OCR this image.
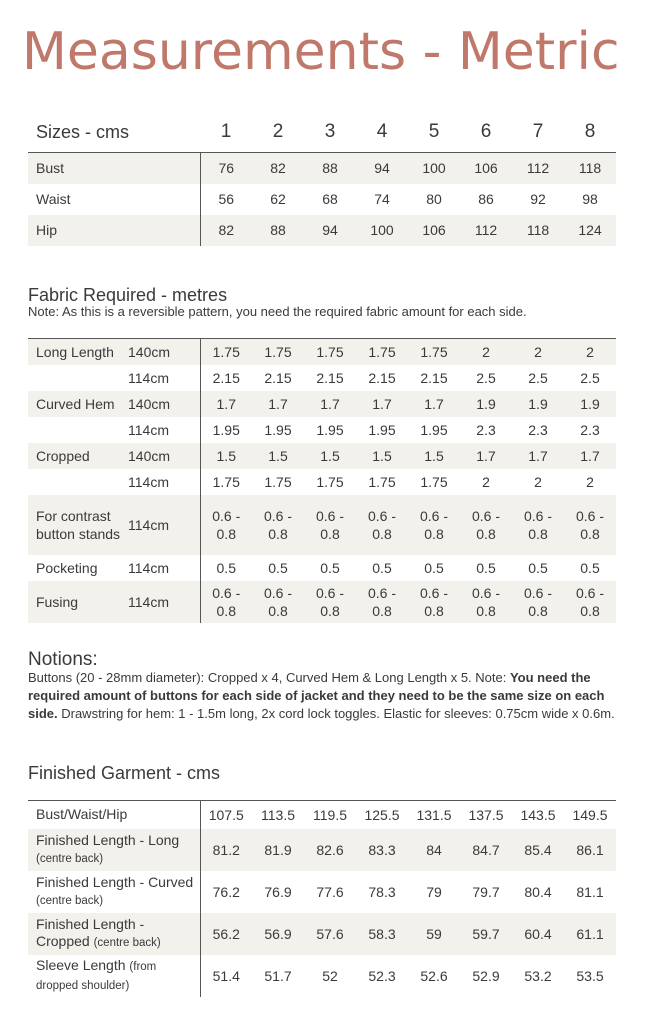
Measurements - Metric
Sizes - cms	1	2	3	4	5	6	7	8
Bust	76	82	88	94	100	106	112	118
Waist	56	62	68	74	80	86	92	98
Hip	82	88	94	100	106	112	118	124
Fabric Required - metres
Note: As this is a reversible pattern, you need the required fabric amount for each side.
Long Length	140cm	1.75	1.75	1.75	1.75	1.75	2	2	2
	114cm	2.15	2.15	2.15	2.15	2.15	2.5	2.5	2.5
Curved Hem	140cm	1.7	1.7	1.7	1.7	1.7	1.9	1.9	1.9
	114cm	1.95	1.95	1.95	1.95	1.95	2.3	2.3	2.3
Cropped	140cm	1.5	1.5	1.5	1.5	1.5	1.7	1.7	1.7
	114cm	1.75	1.75	1.75	1.75	1.75	2	2	2
For contrast button stands	114cm	0.6 - 0.8	0.6 - 0.8	0.6 - 0.8	0.6 - 0.8	0.6 - 0.8	0.6 - 0.8	0.6 - 0.8	0.6 - 0.8
Pocketing	114cm	0.5	0.5	0.5	0.5	0.5	0.5	0.5	0.5
Fusing	114cm	0.6 - 0.8	0.6 - 0.8	0.6 - 0.8	0.6 - 0.8	0.6 - 0.8	0.6 - 0.8	0.6 - 0.8	0.6 - 0.8
Notions:
Buttons (20 - 28mm diameter): Cropped x 4, Curved Hem & Long Length x 5. Note: You need the required amount of buttons for each side of jacket and they need to be the same size on each side. Drawstring for hem: 1 - 1.5m long, 2x cord lock toggles. Elastic for sleeves: 0.75cm wide x 0.6m.
Finished Garment - cms
Bust/Waist/Hip	107.5	113.5	119.5	125.5	131.5	137.5	143.5	149.5
Finished Length - Long (centre back)	81.2	81.9	82.6	83.3	84	84.7	85.4	86.1
Finished Length - Curved (centre back)	76.2	76.9	77.6	78.3	79	79.7	80.4	81.1
Finished Length - Cropped (centre back)	56.2	56.9	57.6	58.3	59	59.7	60.4	61.1
Sleeve Length (from dropped shoulder)	51.4	51.7	52	52.3	52.6	52.9	53.2	53.5
